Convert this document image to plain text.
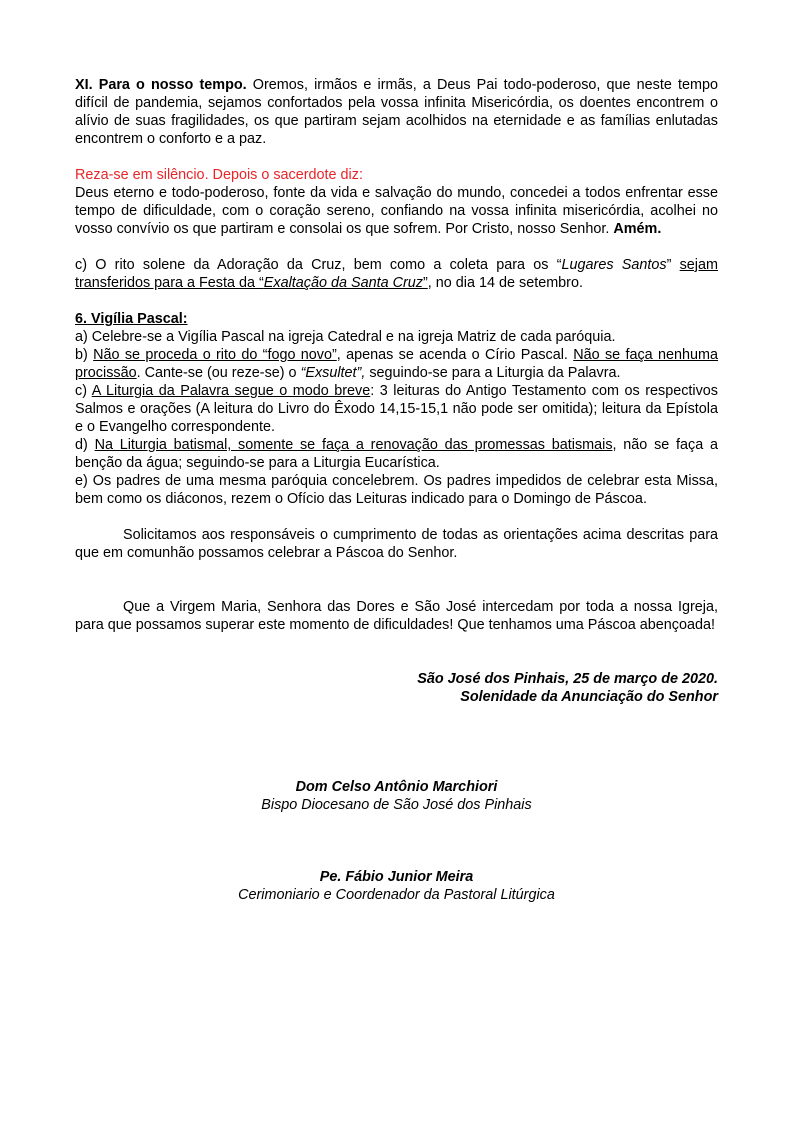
XI. Para o nosso tempo. Oremos, irmãos e irmãs, a Deus Pai todo-poderoso, que neste tempo difícil de pandemia, sejamos confortados pela vossa infinita Misericórdia, os doentes encontrem o alívio de suas fragilidades, os que partiram sejam acolhidos na eternidade e as famílias enlutadas encontrem o conforto e a paz.

Reza-se em silêncio. Depois o sacerdote diz:

Deus eterno e todo-poderoso, fonte da vida e salvação do mundo, concedei a todos enfrentar esse tempo de dificuldade, com o coração sereno, confiando na vossa infinita misericórdia, acolhei no vosso convívio os que partiram e consolai os que sofrem. Por Cristo, nosso Senhor. Amém.

c) O rito solene da Adoração da Cruz, bem como a coleta para os “Lugares Santos” sejam transferidos para a Festa da “Exaltação da Santa Cruz”, no dia 14 de setembro.

6. Vigília Pascal:

a) Celebre-se a Vigília Pascal na igreja Catedral e na igreja Matriz de cada paróquia.

b) Não se proceda o rito do “fogo novo”, apenas se acenda o Círio Pascal. Não se faça nenhuma procissão. Cante-se (ou reze-se) o “Exsultet”, seguindo-se para a Liturgia da Palavra.

c) A Liturgia da Palavra segue o modo breve: 3 leituras do Antigo Testamento com os respectivos Salmos e orações (A leitura do Livro do Êxodo 14,15-15,1 não pode ser omitida); leitura da Epístola e o Evangelho correspondente.

d) Na Liturgia batismal, somente se faça a renovação das promessas batismais, não se faça a benção da água; seguindo-se para a Liturgia Eucarística.

e) Os padres de uma mesma paróquia concelebrem. Os padres impedidos de celebrar esta Missa, bem como os diáconos, rezem o Ofício das Leituras indicado para o Domingo de Páscoa.

Solicitamos aos responsáveis o cumprimento de todas as orientações acima descritas para que em comunhão possamos celebrar a Páscoa do Senhor.

Que a Virgem Maria, Senhora das Dores e São José intercedam por toda a nossa Igreja, para que possamos superar este momento de dificuldades! Que tenhamos uma Páscoa abençoada!

São José dos Pinhais, 25 de março de 2020.

Solenidade da Anunciação do Senhor

Dom Celso Antônio Marchiori

Bispo Diocesano de São José dos Pinhais

Pe. Fábio Junior Meira

Cerimoniario e Coordenador da Pastoral Litúrgica
